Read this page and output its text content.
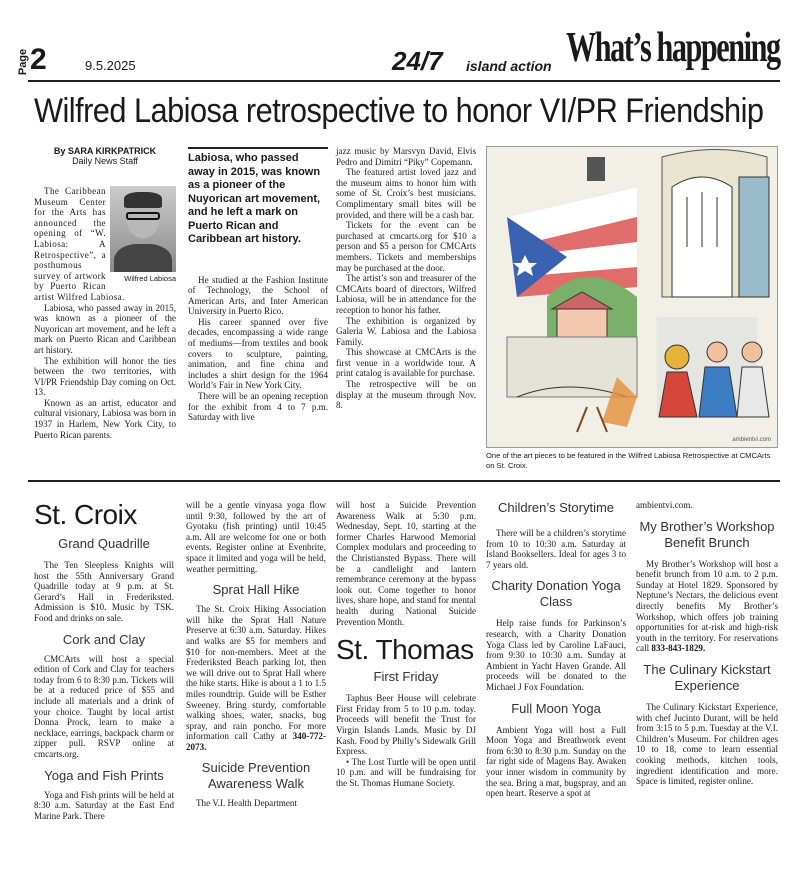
Page 2	9.5.2025	24/7 island action What’s happening
Wilfred Labiosa retrospective to honor VI/PR Friendship
By SARA KIRKPATRICK
Daily News Staff
Wilfred Labiosa

The Caribbean Museum Center for the Arts has announced the opening of “W. Labiosa: A Retrospective”, a posthumous survey of artwork by Puerto Rican artist Wilfred Labiosa.

Labiosa, who passed away in 2015, was known as a pioneer of the Nuyorican art movement, and he left a mark on Puerto Rican and Caribbean art history.

The exhibition will honor the ties between the two territories, with VI/PR Friendship Day coming on Oct. 13.

Known as an artist, educator and cultural visionary, Labiosa was born in 1937 in Harlem, New York City, to Puerto Rican parents.

Labiosa, who passed away in 2015, was known as a pioneer of the Nuyorican art movement, and he left a mark on Puerto Rican and Caribbean art history.

He studied at the Fashion Institute of Technology, the School of American Arts, and Inter American University in Puerto Rico.

His career spanned over five decades, encompassing a wide range of mediums—from textiles and book covers to sculpture, painting, animation, and fine china and includes a shirt design for the 1964 World’s Fair in New York City.

There will be an opening reception for the exhibit from 4 to 7 p.m. Saturday with live

jazz music by Marsvyn David, Elvis Pedro and Dimitri “Piky” Copemann.

The featured artist loved jazz and the museum aims to honor him with some of St. Croix’s best musicians. Complimentary small bites will be provided, and there will be a cash bar.

Tickets for the event can be purchased at cmcarts.org for $10 a person and $5 a person for CMCArts members. Tickets and memberships may be purchased at the door.

The artist’s son and treasurer of the CMCArts board of directors, Wilfred Labiosa, will be in attendance for the reception to honor his father.

The exhibition is organized by Galeria W. Labiosa and the Labiosa Family.

This showcase at CMCArts is the first venue in a worldwide tour. A print catalog is available for purchase.

The retrospective will be on display at the museum through Nov. 8.

ambientvi.com
One of the art pieces to be featured in the Wilfred Labiosa Retrospective at CMCArts on St. Croix.
St. Croix
Grand Quadrille

The Ten Sleepless Knights will host the 55th Anniversary Grand Quadrille today at 9 p.m. at St. Gerard’s Hall in Frederiksted. Admission is $10. Music by TSK. Food and drinks on sale.

Cork and Clay

CMCArts will host a special edition of Cork and Clay for teachers today from 6 to 8:30 p.m. Tickets will be at a reduced price of $55 and include all materials and a drink of your choice. Taught by local artist Donna Prock, learn to make a necklace, earrings, backpack charm or zipper pull. RSVP online at cmcarts.org.

Yoga and Fish Prints

Yoga and Fish prints will be held at 8:30 a.m. Saturday at the East End Marine Park. There

will be a gentle vinyasa yoga flow until 9:30, followed by the art of Gyotaku (fish printing) until 10:45 a.m. All are welcome for one or both events. Register online at Evenbrite, space it limited and yoga will be held, weather permitting.

Sprat Hall Hike

The St. Croix Hiking Association will hike the Sprat Hall Nature Preserve at 6:30 a.m. Saturday. Hikes and walks are $5 for members and $10 for non-members. Meet at the Frederiksted Beach parking lot, then we will drive out to Sprat Hall where the hike starts. Hike is about a 1 to 1.5 miles roundtrip. Guide will be Esther Sweeney. Bring sturdy, comfortable walking shoes, water, snacks, bug spray, and rain poncho. For more information call Cathy at 340-772-2073.

Suicide Prevention Awareness Walk

The V.I. Health Department

will host a Suicide Prevention Awareness Walk at 5:30 p.m. Wednesday, Sept. 10, starting at the former Charles Harwood Memorial Complex modulars and proceeding to the Christiansted Bypass. There will be a candlelight and lantern remembrance ceremony at the bypass look out. Come together to honor lives, share hope, and stand for mental health during National Suicide Prevention Month.

St. Thomas
First Friday

Taphus Beer House will celebrate First Friday from 5 to 10 p.m. today. Proceeds will benefit the Trust for Virgin Islands Lands. Music by DJ Kash. Food by Philly’s Sidewalk Grill Express.

• The Lost Turtle will be open until 10 p.m. and will be fundraising for the St. Thomas Humane Society.

Children’s Storytime

There will be a children’s storytime from 10 to 10:30 a.m. Saturday at Island Booksellers. Ideal for ages 3 to 7 years old.

Charity Donation Yoga Class

Help raise funds for Parkinson’s research, with a Charity Donation Yoga Class led by Caroline LaFauci, from 9:30 to 10:30 a.m. Sunday at Ambient in Yacht Haven Grande. All proceeds will be donated to the Michael J Fox Foundation.

Full Moon Yoga

Ambient Yoga will host a Full Moon Yoga and Breathwork event from 6:30 to 8:30 p.m. Sunday on the far right side of Magens Bay. Awaken your inner wisdom in community by the sea. Bring a mat, bugspray, and an open heart. Reserve a spot at

ambientvi.com.

My Brother’s Workshop Benefit Brunch

My Brother’s Workshop will host a benefit brunch from 10 a.m. to 2 p.m. Sunday at Hotel 1829. Sponsored by Neptune’s Nectars, the delicious event directly benefits My Brother’s Workshop, which offers job training opportunities for at-risk and high-risk youth in the territory. For reservations call 833-843-1829.

The Culinary Kickstart Experience

The Culinary Kickstart Experience, with chef Jucinto Durant, will be held from 3:15 to 5 p.m. Tuesday at the V.I. Children’s Museum. For children ages 10 to 18, come to learn essential cooking methods, kitchen tools, ingredient identification and more. Space is limited, register online.
